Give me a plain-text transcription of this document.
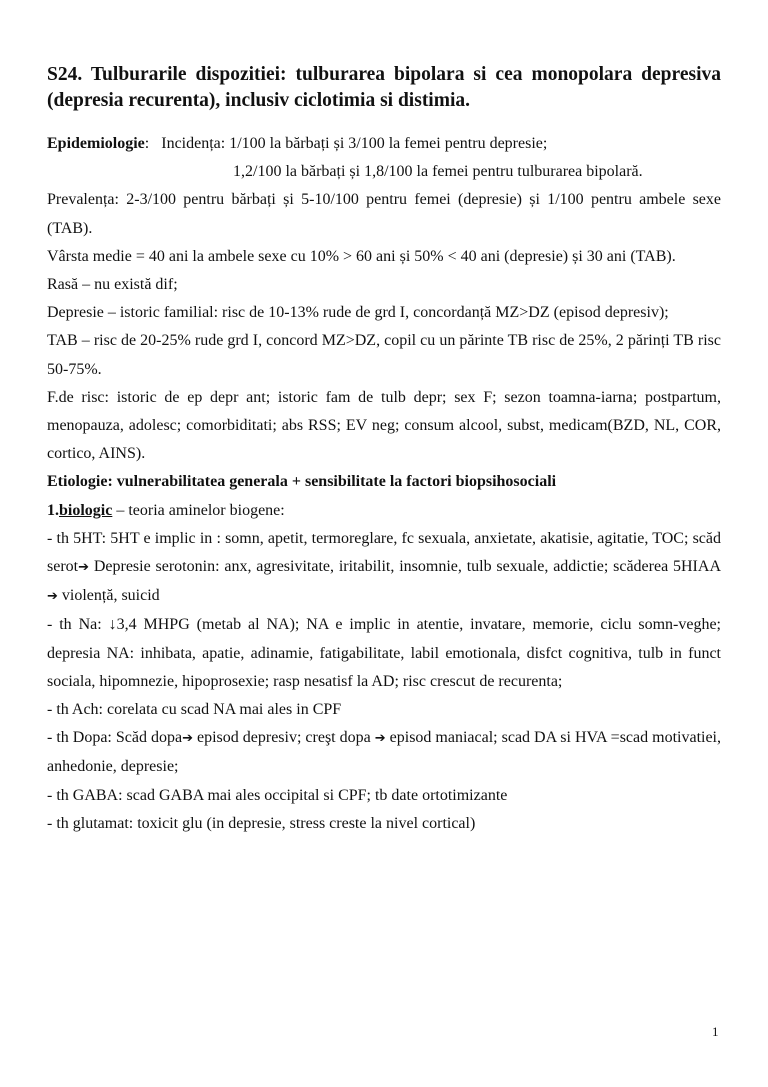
S24. Tulburarile dispozitiei: tulburarea bipolara si cea monopolara depresiva (depresia recurenta), inclusiv ciclotimia si distimia.

Epidemiologie: Incidența: 1/100 la bărbați și 3/100 la femei pentru depresie;

1,2/100 la bărbați și 1,8/100 la femei pentru tulburarea bipolară.

Prevalența: 2-3/100 pentru bărbați și 5-10/100 pentru femei (depresie) și 1/100 pentru ambele sexe (TAB).

Vârsta medie = 40 ani la ambele sexe cu 10% > 60 ani și 50% < 40 ani (depresie) și 30 ani (TAB).

Rasă – nu există dif;

Depresie – istoric familial: risc de 10-13% rude de grd I, concordanță MZ>DZ (episod depresiv);

TAB – risc de 20-25% rude grd I, concord MZ>DZ, copil cu un părinte TB risc de 25%, 2 părinți TB risc 50-75%.

F.de risc: istoric de ep depr ant; istoric fam de tulb depr; sex F; sezon toamna-iarna; postpartum, menopauza, adolesc; comorbiditati; abs RSS; EV neg; consum alcool, subst, medicam(BZD, NL, COR, cortico, AINS).

Etiologie: vulnerabilitatea generala + sensibilitate la factori biopsihosociali

1.biologic – teoria aminelor biogene:

- th 5HT: 5HT e implic in : somn, apetit, termoreglare, fc sexuala, anxietate, akatisie, agitatie, TOC; scăd serot➔ Depresie serotonin: anx, agresivitate, iritabilit, insomnie, tulb sexuale, addictie; scăderea 5HIAA ➔ violență, suicid

- th Na: ↓3,4 MHPG (metab al NA); NA e implic in atentie, invatare, memorie, ciclu somn-veghe; depresia NA: inhibata, apatie, adinamie, fatigabilitate, labil emotionala, disfct cognitiva, tulb in funct sociala, hipomnezie, hipoprosexie; rasp nesatisf la AD; risc crescut de recurenta;

- th Ach: corelata cu scad NA mai ales in CPF

- th Dopa: Scăd dopa➔ episod depresiv; creşt dopa ➔ episod maniacal; scad DA si HVA =scad motivatiei, anhedonie, depresie;

- th GABA: scad GABA mai ales occipital si CPF; tb date ortotimizante

- th glutamat: toxicit glu (in depresie, stress creste la nivel cortical)

1
